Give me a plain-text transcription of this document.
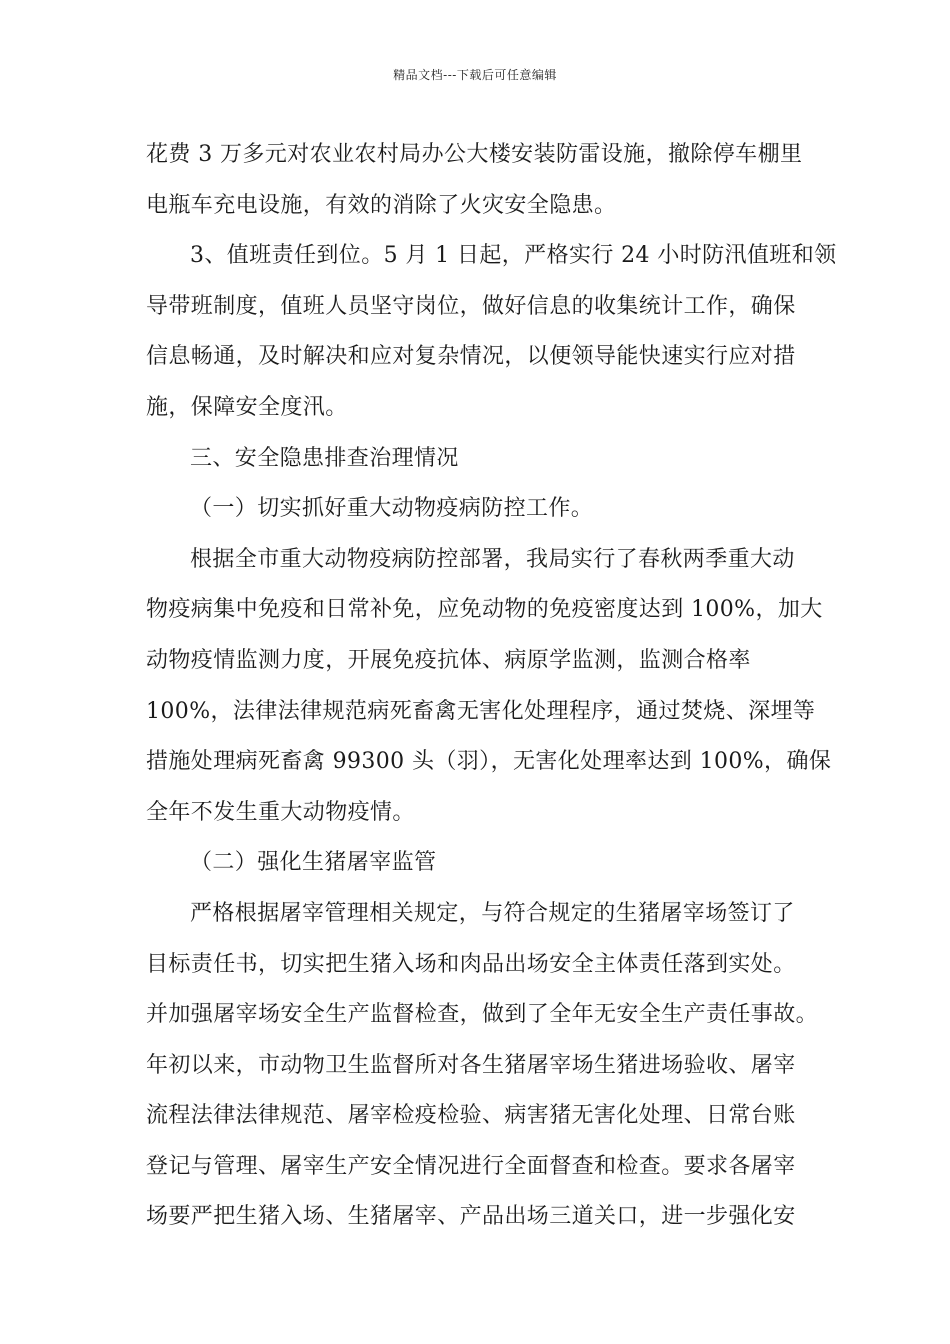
精品文档---下载后可任意编辑
花费 3 万多元对农业农村局办公大楼安装防雷设施，撤除停车棚里
电瓶车充电设施，有效的消除了火灾安全隐患。
3、值班责任到位。5 月 1 日起，严格实行 24 小时防汛值班和领
导带班制度，值班人员坚守岗位，做好信息的收集统计工作，确保
信息畅通，及时解决和应对复杂情况，以便领导能快速实行应对措
施，保障安全度汛。
三、安全隐患排查治理情况
（一）切实抓好重大动物疫病防控工作。
根据全市重大动物疫病防控部署，我局实行了春秋两季重大动
物疫病集中免疫和日常补免，应免动物的免疫密度达到 100%，加大
动物疫情监测力度，开展免疫抗体、病原学监测，监测合格率
100%，法律法律规范病死畜禽无害化处理程序，通过焚烧、深埋等
措施处理病死畜禽 99300 头（羽），无害化处理率达到 100%，确保
全年不发生重大动物疫情。
（二）强化生猪屠宰监管
严格根据屠宰管理相关规定，与符合规定的生猪屠宰场签订了
目标责任书，切实把生猪入场和肉品出场安全主体责任落到实处。
并加强屠宰场安全生产监督检查，做到了全年无安全生产责任事故。
年初以来，市动物卫生监督所对各生猪屠宰场生猪进场验收、屠宰
流程法律法律规范、屠宰检疫检验、病害猪无害化处理、日常台账
登记与管理、屠宰生产安全情况进行全面督查和检查。要求各屠宰
场要严把生猪入场、生猪屠宰、产品出场三道关口，进一步强化安
